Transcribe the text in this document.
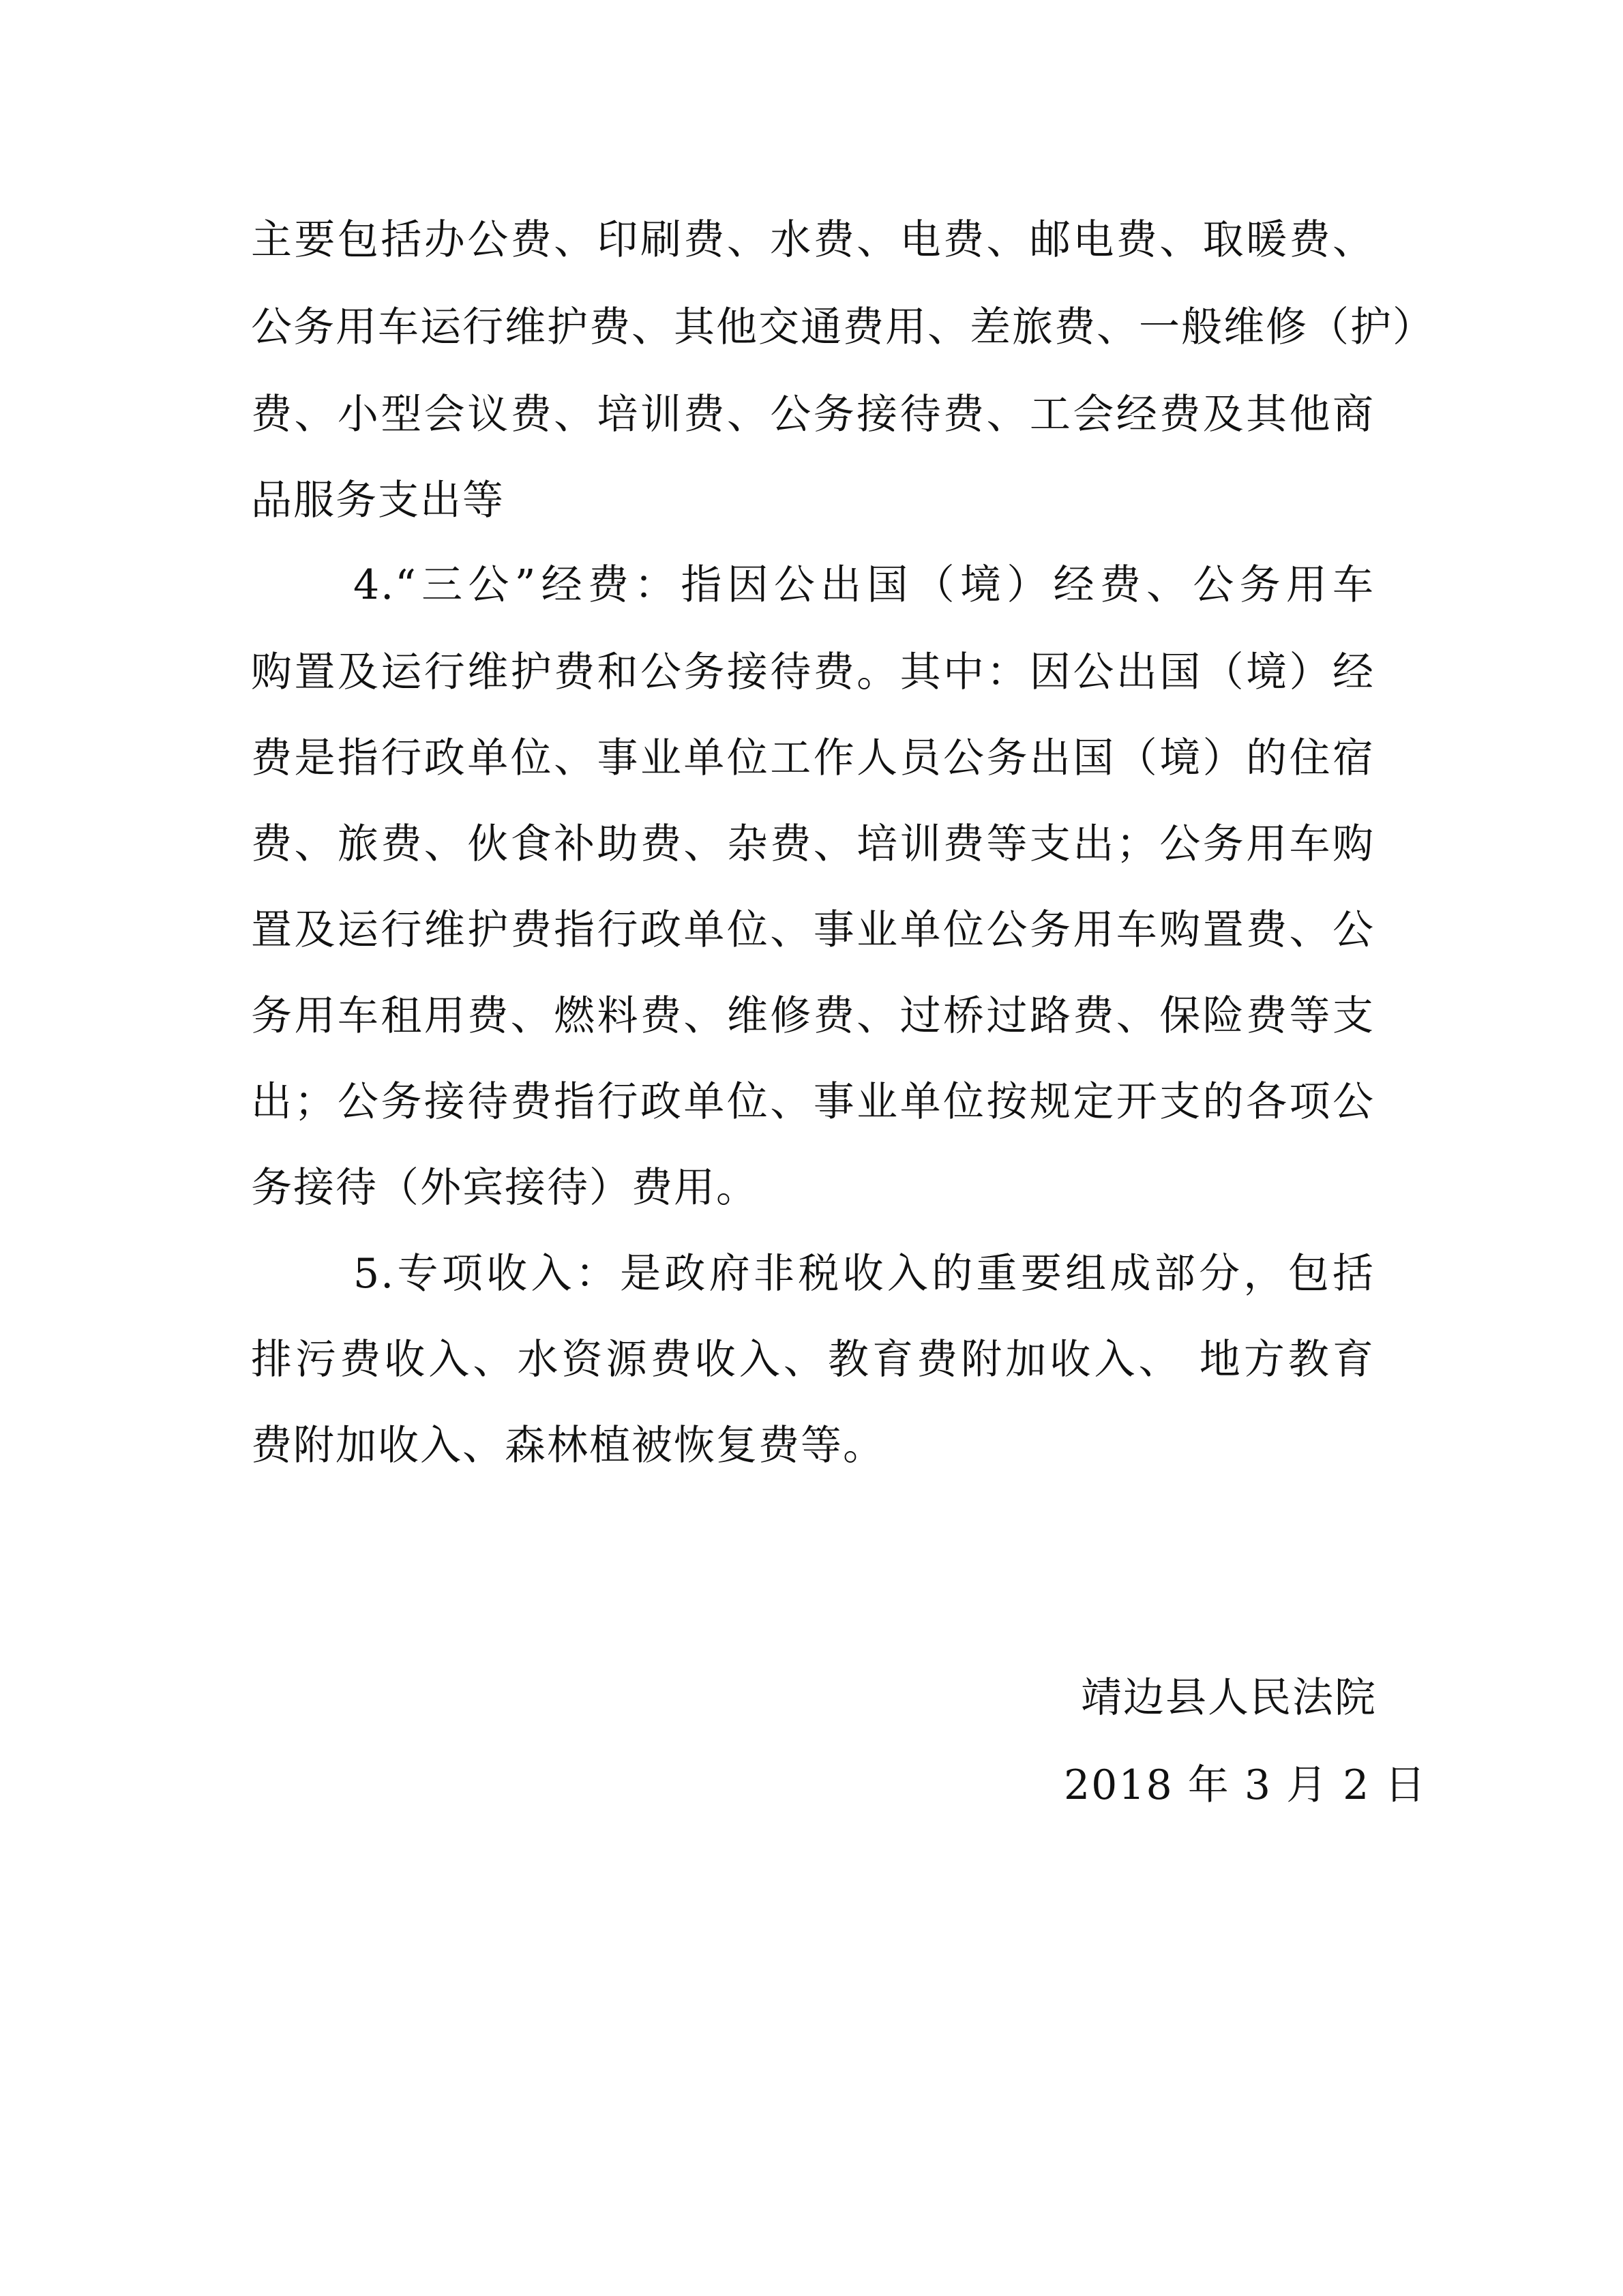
主要包括办公费、印刷费、水费、电费、邮电费、取暖费、
公务用车运行维护费、其他交通费用、差旅费、一般维修（护）
费、小型会议费、培训费、公务接待费、工会经费及其他商
品服务支出等
4.“三公”经费：指因公出国（境）经费、公务用车
购置及运行维护费和公务接待费。其中：因公出国（境）经
费是指行政单位、事业单位工作人员公务出国（境）的住宿
费、旅费、伙食补助费、杂费、培训费等支出；公务用车购
置及运行维护费指行政单位、事业单位公务用车购置费、公
务用车租用费、燃料费、维修费、过桥过路费、保险费等支
出；公务接待费指行政单位、事业单位按规定开支的各项公
务接待（外宾接待）费用。
5.专项收入：是政府非税收入的重要组成部分，包括
排污费收入、水资源费收入、教育费附加收入、 地方教育
费附加收入、森林植被恢复费等。
靖边县人民法院
2018 年 3 月 2 日
